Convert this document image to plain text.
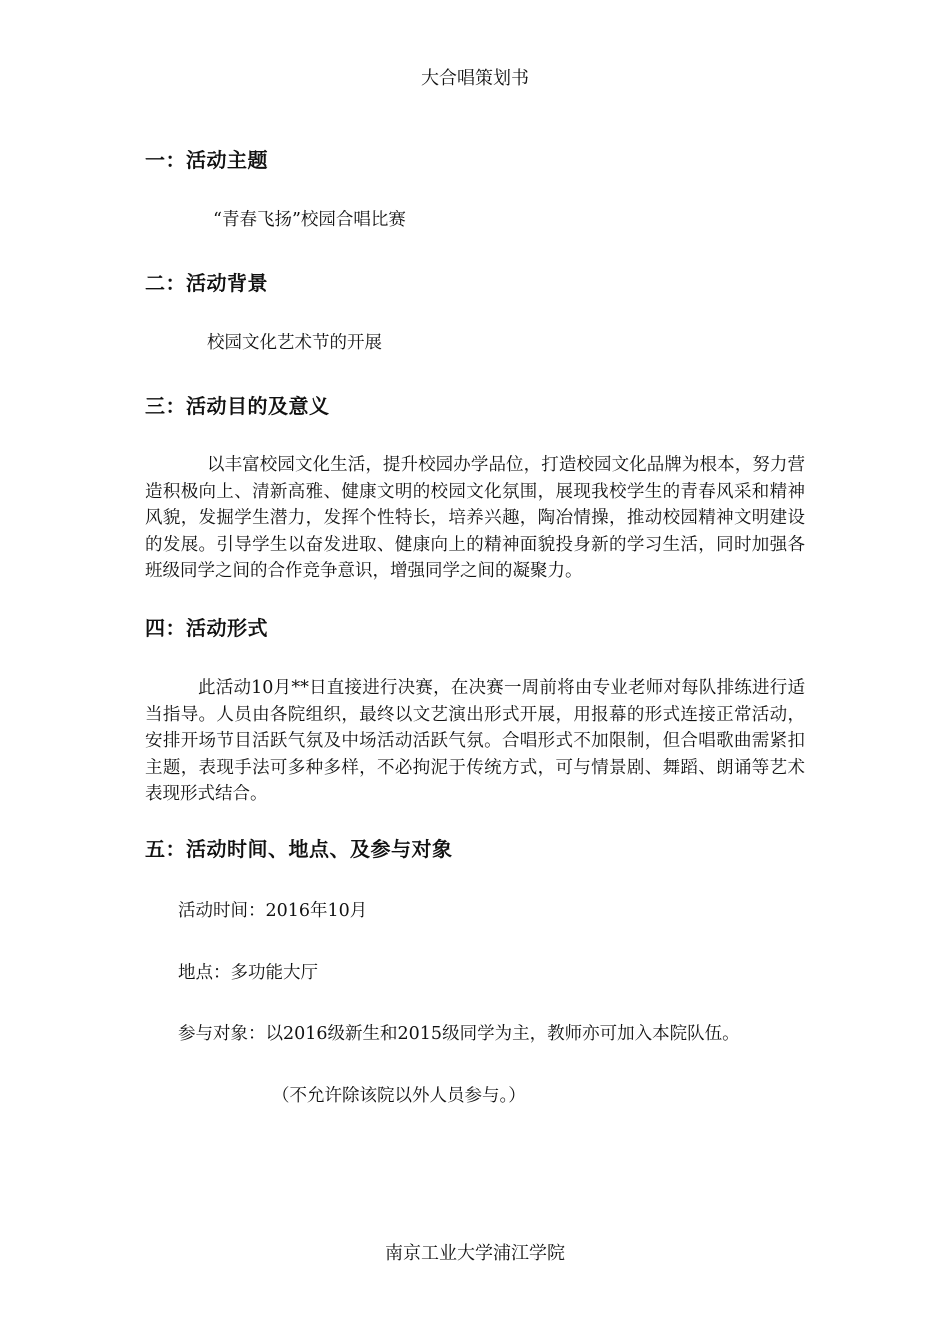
大合唱策划书
一：活动主题
“青春飞扬”校园合唱比赛
二：活动背景
校园文化艺术节的开展
三：活动目的及意义
以丰富校园文化生活，提升校园办学品位，打造校园文化品牌为根本，努力营造积极向上、清新高雅、健康文明的校园文化氛围，展现我校学生的青春风采和精神风貌，发掘学生潜力，发挥个性特长，培养兴趣，陶冶情操，推动校园精神文明建设的发展。引导学生以奋发进取、健康向上的精神面貌投身新的学习生活，同时加强各班级同学之间的合作竞争意识，增强同学之间的凝聚力。
四：活动形式
此活动10月**日直接进行决赛，在决赛一周前将由专业老师对每队排练进行适当指导。人员由各院组织，最终以文艺演出形式开展，用报幕的形式连接正常活动，安排开场节目活跃气氛及中场活动活跃气氛。合唱形式不加限制，但合唱歌曲需紧扣主题，表现手法可多种多样，不必拘泥于传统方式，可与情景剧、舞蹈、朗诵等艺术表现形式结合。
五：活动时间、地点、及参与对象
活动时间：2016年10月
地点：多功能大厅
参与对象：以2016级新生和2015级同学为主，教师亦可加入本院队伍。
（不允许除该院以外人员参与。）
南京工业大学浦江学院
